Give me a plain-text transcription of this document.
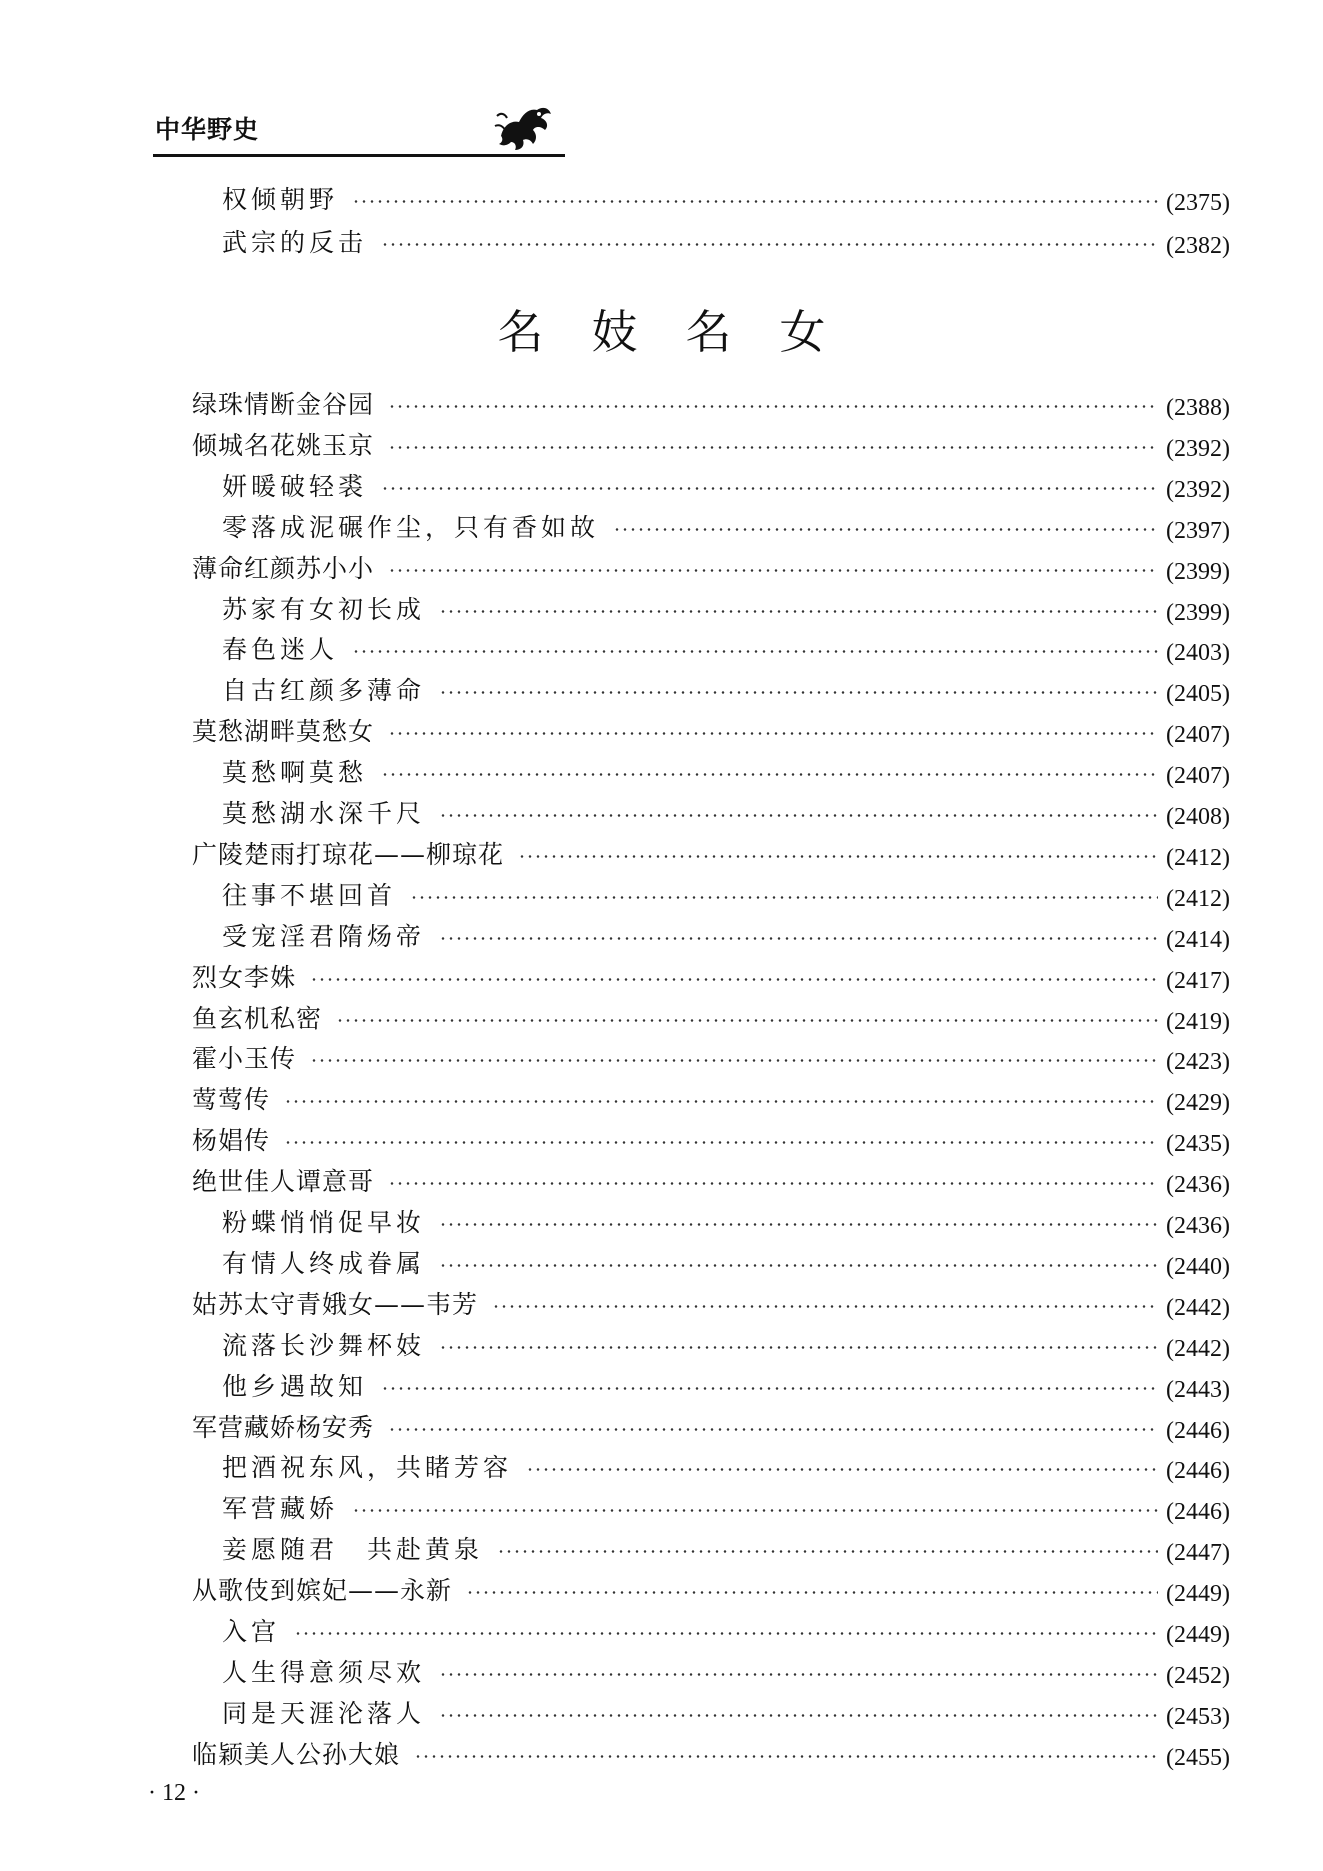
中华野史
权倾朝野	(2375)
武宗的反击	(2382)
名妓名女
绿珠情断金谷园	(2388)
倾城名花姚玉京	(2392)
妍暖破轻裘	(2392)
零落成泥碾作尘，只有香如故	(2397)
薄命红颜苏小小	(2399)
苏家有女初长成	(2399)
春色迷人	(2403)
自古红颜多薄命	(2405)
莫愁湖畔莫愁女	(2407)
莫愁啊莫愁	(2407)
莫愁湖水深千尺	(2408)
广陵楚雨打琼花——柳琼花	(2412)
往事不堪回首	(2412)
受宠淫君隋炀帝	(2414)
烈女李姝	(2417)
鱼玄机私密	(2419)
霍小玉传	(2423)
莺莺传	(2429)
杨娼传	(2435)
绝世佳人谭意哥	(2436)
粉蝶悄悄促早妆	(2436)
有情人终成眷属	(2440)
姑苏太守青娥女——韦芳	(2442)
流落长沙舞杯妓	(2442)
他乡遇故知	(2443)
军营藏娇杨安秀	(2446)
把酒祝东风，共睹芳容	(2446)
军营藏娇	(2446)
妾愿随君　共赴黄泉	(2447)
从歌伎到嫔妃——永新	(2449)
入宫	(2449)
人生得意须尽欢	(2452)
同是天涯沦落人	(2453)
临颖美人公孙大娘	(2455)
· 12 ·
